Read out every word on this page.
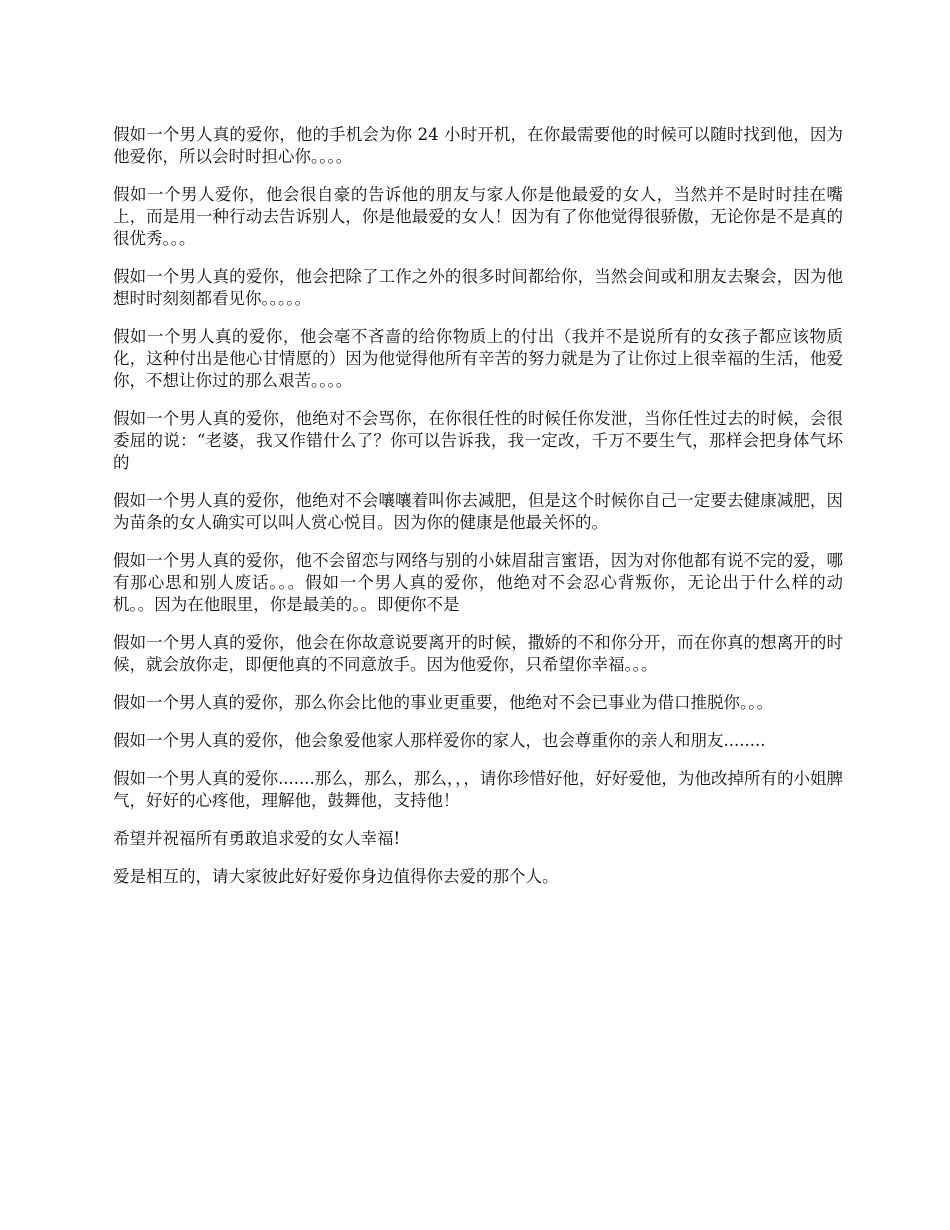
假如一个男人真的爱你，他的手机会为你 24 小时开机，在你最需要他的时候可以随时找到他，因为他爱你，所以会时时担心你。。。。

假如一个男人爱你，他会很自豪的告诉他的朋友与家人你是他最爱的女人，当然并不是时时挂在嘴上，而是用一种行动去告诉别人，你是他最爱的女人！因为有了你他觉得很骄傲，无论你是不是真的很优秀。。。

假如一个男人真的爱你，他会把除了工作之外的很多时间都给你，当然会间或和朋友去聚会，因为他想时时刻刻都看见你。。。。。

假如一个男人真的爱你，他会毫不吝啬的给你物质上的付出（我并不是说所有的女孩子都应该物质化，这种付出是他心甘情愿的）因为他觉得他所有辛苦的努力就是为了让你过上很幸福的生活，他爱你，不想让你过的那么艰苦。。。。

假如一个男人真的爱你，他绝对不会骂你，在你很任性的时候任你发泄，当你任性过去的时候，会很委屈的说：“老婆，我又作错什么了？你可以告诉我，我一定改，千万不要生气，那样会把身体气坏的

假如一个男人真的爱你，他绝对不会嚷嚷着叫你去减肥，但是这个时候你自己一定要去健康减肥，因为苗条的女人确实可以叫人赏心悦目。因为你的健康是他最关怀的。

假如一个男人真的爱你，他不会留恋与网络与别的小妹眉甜言蜜语，因为对你他都有说不完的爱，哪有那心思和别人废话。。。假如一个男人真的爱你，他绝对不会忍心背叛你，无论出于什么样的动机。。因为在他眼里，你是最美的。。即便你不是

假如一个男人真的爱你，他会在你故意说要离开的时候，撒娇的不和你分开，而在你真的想离开的时候，就会放你走，即便他真的不同意放手。因为他爱你，只希望你幸福。。。

假如一个男人真的爱你，那么你会比他的事业更重要，他绝对不会已事业为借口推脱你。。。

假如一个男人真的爱你，他会象爱他家人那样爱你的家人，也会尊重你的亲人和朋友........

假如一个男人真的爱你.......那么，那么，那么，，，请你珍惜好他，好好爱他，为他改掉所有的小姐脾气，好好的心疼他，理解他，鼓舞他，支持他！

希望并祝福所有勇敢追求爱的女人幸福!

爱是相互的，请大家彼此好好爱你身边值得你去爱的那个人。
